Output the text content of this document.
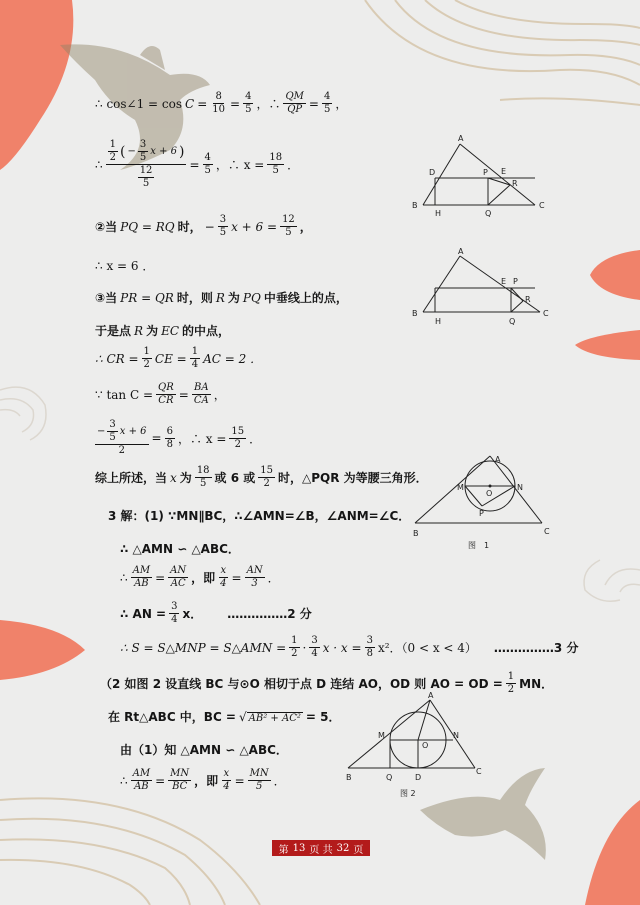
∴ cos∠1 = $\cos C = \frac{8}{10} = \frac{4}{5}$ ，∴ $\frac{QM}{QP} = \frac{4}{5}$ ，
∴ $\frac{\frac{1}{2} ( - \frac{3}{5} x + 6 )}{\frac{12}{5}} = \frac{4}{5}$ ，∴ $x = \frac{18}{5}$ ．
②当 PQ = RQ 时， − $\frac{3}{5}$ $x + 6 = \frac{12}{5}$ ，
∴ x = 6 ．
③当 PR = QR 时，则 R 为 PQ 中垂线上的点，
于是点 R 为 EC 的中点，
∴ CR = $\frac{1}{2}$ CE = $\frac{1}{4}$ AC = 2 ．
∵ $\tan C = \frac{QR}{CR} = \frac{BA}{CA}$ ，
$\frac{- \frac{3}{5} x + 6}{2} = \frac{6}{8}$ ，∴ $x = \frac{15}{2}$ ．
综上所述，当 x 为 $\frac{18}{5}$ 或 6 或 $\frac{15}{2}$ 时，△PQR 为等腰三角形．
3 解：(1) ∵MN∥BC，∴∠AMN=∠B，∠ANM=∠C．
∴ △AMN ∽ △ABC．
∴ $\frac{AM}{AB} = \frac{AN}{AC}$ ，即 $\frac{x}{4} = \frac{AN}{3}$ ．
∴ AN = $\frac{3}{4}$ x． ……………2 分
∴ S = S△MNP = S△AMN = $\frac{1}{2} \cdot \frac{3}{4}$ $x \cdot x = \frac{3}{8} x^2$．（0 < x < 4） ……………3 分
（2 如图 2 设直线 BC 与⊙O 相切于点 D 连结 AO，OD 则 AO = OD = $\frac{1}{2}$ MN．
在 Rt△ABC 中，BC = √ AB² + AC² = 5．
由（1）知 △AMN ∽ △ABC．
∴ $\frac{AM}{AB} = \frac{MN}{BC}$ ，即 $\frac{x}{4} = \frac{MN}{5}$ ．
A
B	C
D	E
P
R
H	Q
A
B	C
E P
R
H	Q
A
B	C
M	N
O
P
图　1
A
B
C
M	N
O
Q	D
图 2
第 13 页 共 32 页
